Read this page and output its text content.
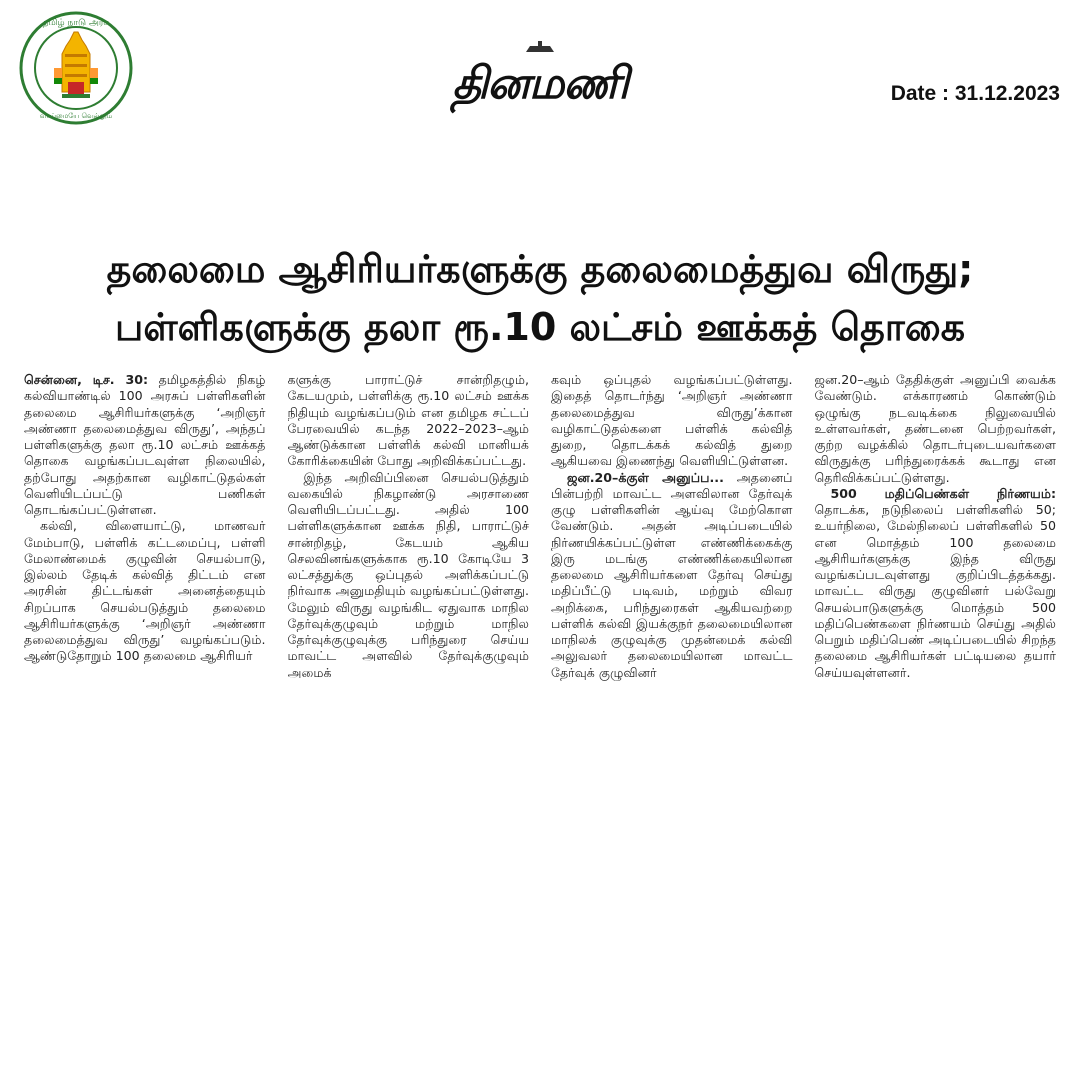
தமிழ் நாடு அரசு
வாய்மையே வெல்லும்
தினமணி	Date : 31.12.2023
தலைமை ஆசிரியர்களுக்கு தலைமைத்துவ விருது;
பள்ளிகளுக்கு தலா ரூ.10 லட்சம் ஊக்கத் தொகை

சென்னை, டிச. 30: தமிழகத்தில் நிகழ் கல்வியாண்டில் 100 அரசுப் பள்ளிகளின் தலைமை ஆசிரியர்களுக்கு ‘அறிஞர் அண்ணா தலைமைத்துவ விருது’, அந்தப் பள்ளிகளுக்கு தலா ரூ.10 லட்சம் ஊக்கத் தொகை வழங்கப்படவுள்ள நிலையில், தற்போது அதற்கான வழிகாட்டுதல்கள் வெளியிடப்பட்டு பணிகள் தொடங்கப்பட்டுள்ளன.

கல்வி, விளையாட்டு, மாணவர் மேம்பாடு, பள்ளிக் கட்டமைப்பு, பள்ளி மேலாண்மைக் குழுவின் செயல்பாடு, இல்லம் தேடிக் கல்வித் திட்டம் என அரசின் திட்டங்கள் அனைத்தையும் சிறப்பாக செயல்படுத்தும் தலைமை ஆசிரியர்களுக்கு ‘அறிஞர் அண்ணா தலைமைத்துவ விருது’ வழங்கப்படும். ஆண்டுதோறும் 100 தலைமை ஆசிரியர்

களுக்கு பாராட்டுச் சான்றிதழும், கேடயமும், பள்ளிக்கு ரூ.10 லட்சம் ஊக்க நிதியும் வழங்கப்படும் என தமிழக சட்டப் பேரவையில் கடந்த 2022–2023–ஆம் ஆண்டுக்கான பள்ளிக் கல்வி மானியக் கோரிக்கையின் போது அறிவிக்கப்பட்டது.

இந்த அறிவிப்பினை செயல்படுத்தும் வகையில் நிகழாண்டு அரசாணை வெளியிடப்பட்டது. அதில் 100 பள்ளிகளுக்கான ஊக்க நிதி, பாராட்டுச் சான்றிதழ், கேடயம் ஆகிய செலவினங்களுக்காக ரூ.10 கோடியே 3 லட்சத்துக்கு ஒப்புதல் அளிக்கப்பட்டு நிர்வாக அனுமதியும் வழங்கப்பட்டுள்ளது. மேலும் விருது வழங்கிட ஏதுவாக மாநில தேர்வுக்குழுவும் மற்றும் மாநில தேர்வுக்குழுவுக்கு பரிந்துரை செய்ய மாவட்ட அளவில் தேர்வுக்குழுவும் அமைக்

கவும் ஒப்புதல் வழங்கப்பட்டுள்ளது. இதைத் தொடர்ந்து ‘அறிஞர் அண்ணா தலைமைத்துவ விருது’க்கான வழிகாட்டுதல்களை பள்ளிக் கல்வித் துறை, தொடக்கக் கல்வித் துறை ஆகியவை இணைந்து வெளியிட்டுள்ளன.

ஜன.20–க்குள் அனுப்ப... அதனைப் பின்பற்றி மாவட்ட அளவிலான தேர்வுக் குழு பள்ளிகளின் ஆய்வு மேற்கொள வேண்டும். அதன் அடிப்படையில் நிர்ணயிக்கப்பட்டுள்ள எண்ணிக்கைக்கு இரு மடங்கு எண்ணிக்கையிலான தலைமை ஆசிரியர்களை தேர்வு செய்து மதிப்பீட்டு படிவம், மற்றும் விவர அறிக்கை, பரிந்துரைகள் ஆகியவற்றை பள்ளிக் கல்வி இயக்குநர் தலைமையிலான மாநிலக் குழுவுக்கு முதன்மைக் கல்வி அலுவலர் தலைமையிலான மாவட்ட தேர்வுக் குழுவினர்

ஜன.20–ஆம் தேதிக்குள் அனுப்பி வைக்க வேண்டும். எக்காரணம் கொண்டும் ஒழுங்கு நடவடிக்கை நிலுவையில் உள்ளவர்கள், தண்டனை பெற்றவர்கள், குற்ற வழக்கில் தொடர்புடையவர்களை விருதுக்கு பரிந்துரைக்கக் கூடாது என தெரிவிக்கப்பட்டுள்ளது.

500 மதிப்பெண்கள் நிர்ணயம்: தொடக்க, நடுநிலைப் பள்ளிகளில் 50; உயர்நிலை, மேல்நிலைப் பள்ளிகளில் 50 என மொத்தம் 100 தலைமை ஆசிரியர்களுக்கு இந்த விருது வழங்கப்படவுள்ளது குறிப்பிடத்தக்கது. மாவட்ட விருது குழுவினர் பல்வேறு செயல்பாடுகளுக்கு மொத்தம் 500 மதிப்பெண்களை நிர்ணயம் செய்து அதில் பெறும் மதிப்பெண் அடிப்படையில் சிறந்த தலைமை ஆசிரியர்கள் பட்டியலை தயார் செய்யவுள்ளனர்.
